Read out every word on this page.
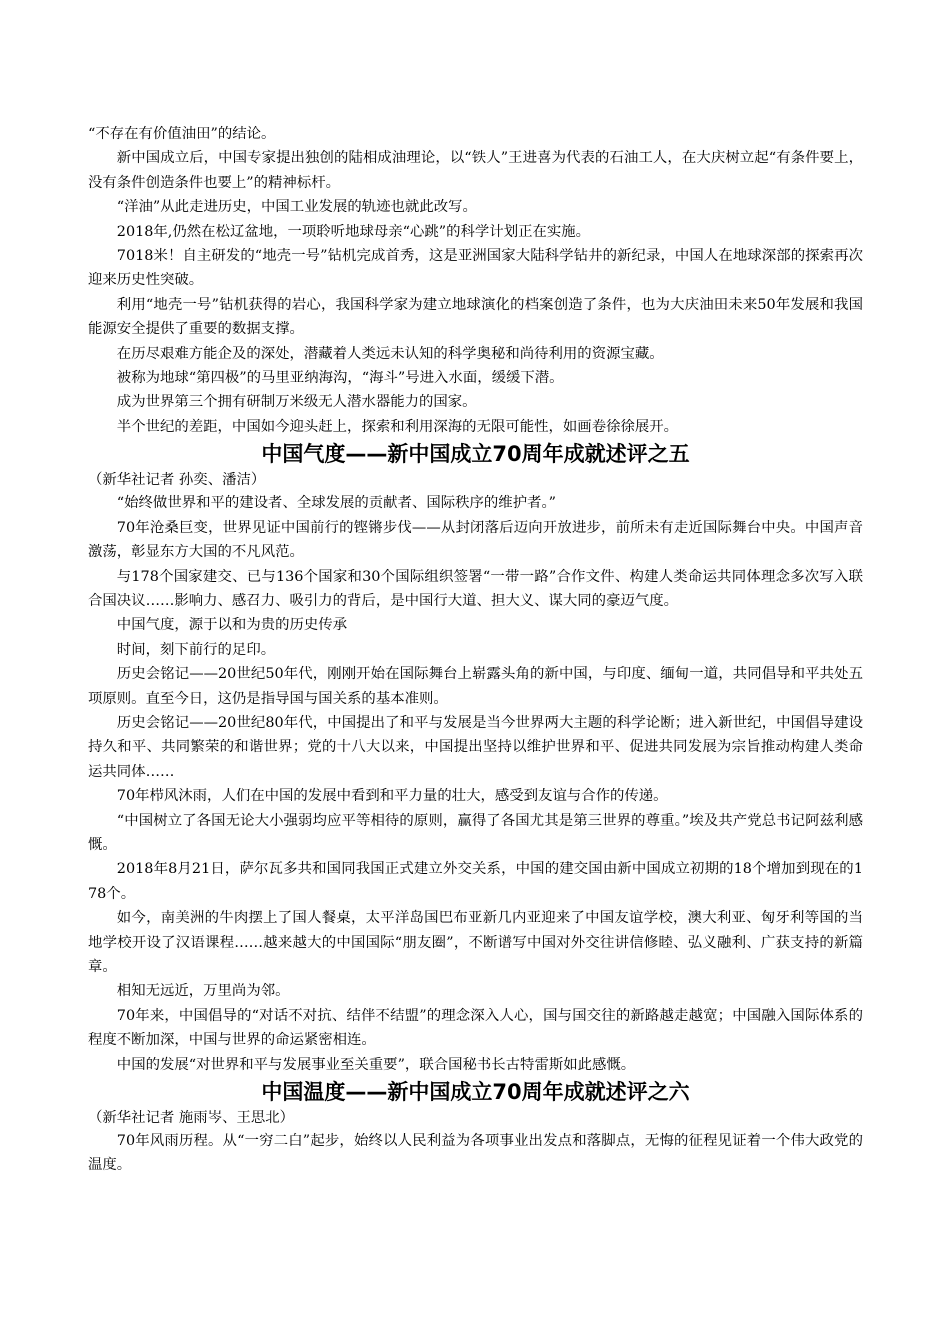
“不存在有价值油田”的结论。

新中国成立后，中国专家提出独创的陆相成油理论，以“铁人”王进喜为代表的石油工人，在大庆树立起“有条件要上，没有条件创造条件也要上”的精神标杆。

“洋油”从此走进历史，中国工业发展的轨迹也就此改写。

2018年,仍然在松辽盆地，一项聆听地球母亲“心跳”的科学计划正在实施。

7018米！自主研发的“地壳一号”钻机完成首秀，这是亚洲国家大陆科学钻井的新纪录，中国人在地球深部的探索再次迎来历史性突破。

利用“地壳一号”钻机获得的岩心，我国科学家为建立地球演化的档案创造了条件，也为大庆油田未来50年发展和我国能源安全提供了重要的数据支撑。

在历尽艰难方能企及的深处，潜藏着人类远未认知的科学奥秘和尚待利用的资源宝藏。

被称为地球“第四极”的马里亚纳海沟，“海斗”号进入水面，缓缓下潜。

成为世界第三个拥有研制万米级无人潜水器能力的国家。

半个世纪的差距，中国如今迎头赶上，探索和利用深海的无限可能性，如画卷徐徐展开。

中国气度——新中国成立70周年成就述评之五

（新华社记者 孙奕、潘洁）

“始终做世界和平的建设者、全球发展的贡献者、国际秩序的维护者。”

70年沧桑巨变，世界见证中国前行的铿锵步伐——从封闭落后迈向开放进步，前所未有走近国际舞台中央。中国声音激荡，彰显东方大国的不凡风范。

与178个国家建交、已与136个国家和30个国际组织签署“一带一路”合作文件、构建人类命运共同体理念多次写入联合国决议……影响力、感召力、吸引力的背后，是中国行大道、担大义、谋大同的豪迈气度。

中国气度，源于以和为贵的历史传承

时间，刻下前行的足印。

历史会铭记——20世纪50年代，刚刚开始在国际舞台上崭露头角的新中国，与印度、缅甸一道，共同倡导和平共处五项原则。直至今日，这仍是指导国与国关系的基本准则。

历史会铭记——20世纪80年代，中国提出了和平与发展是当今世界两大主题的科学论断；进入新世纪，中国倡导建设持久和平、共同繁荣的和谐世界；党的十八大以来，中国提出坚持以维护世界和平、促进共同发展为宗旨推动构建人类命运共同体……

70年栉风沐雨，人们在中国的发展中看到和平力量的壮大，感受到友谊与合作的传递。

“中国树立了各国无论大小强弱均应平等相待的原则，赢得了各国尤其是第三世界的尊重。”埃及共产党总书记阿兹利感慨。

2018年8月21日，萨尔瓦多共和国同我国正式建立外交关系，中国的建交国由新中国成立初期的18个增加到现在的178个。

如今，南美洲的牛肉摆上了国人餐桌，太平洋岛国巴布亚新几内亚迎来了中国友谊学校，澳大利亚、匈牙利等国的当地学校开设了汉语课程……越来越大的中国国际“朋友圈”，不断谱写中国对外交往讲信修睦、弘义融利、广获支持的新篇章。

相知无远近，万里尚为邻。

70年来，中国倡导的“对话不对抗、结伴不结盟”的理念深入人心，国与国交往的新路越走越宽；中国融入国际体系的程度不断加深，中国与世界的命运紧密相连。

中国的发展“对世界和平与发展事业至关重要”，联合国秘书长古特雷斯如此感慨。

中国温度——新中国成立70周年成就述评之六

（新华社记者 施雨岑、王思北）

70年风雨历程。从“一穷二白”起步，始终以人民利益为各项事业出发点和落脚点，无悔的征程见证着一个伟大政党的温度。
